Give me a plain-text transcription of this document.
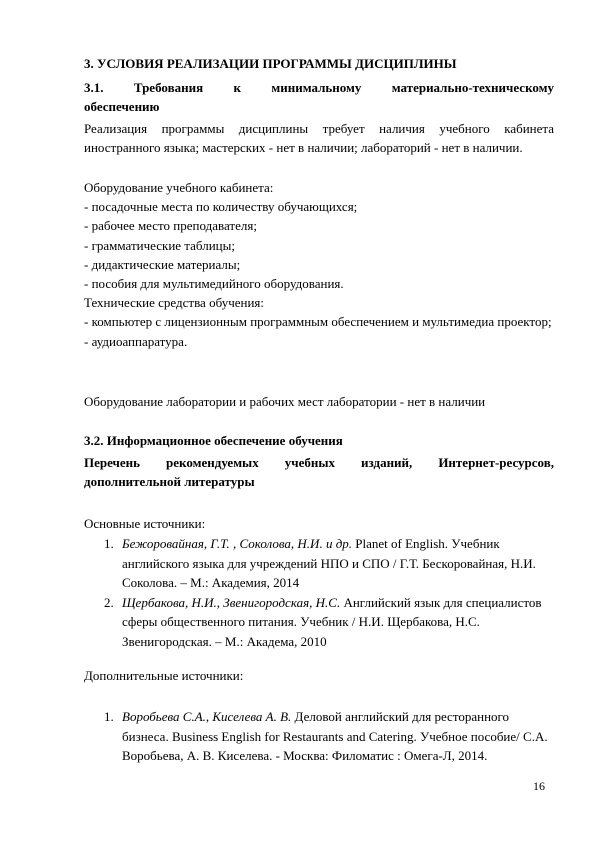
3. УСЛОВИЯ РЕАЛИЗАЦИИ ПРОГРАММЫ ДИСЦИПЛИНЫ
3.1. Требования к минимальному материально-техническому
обеспечению
Реализация программы дисциплины требует наличия учебного кабинета иностранного языка; мастерских - нет в наличии; лабораторий - нет в наличии.
Оборудование учебного кабинета:
- посадочные места по количеству обучающихся;
- рабочее место преподавателя;
- грамматические таблицы;
- дидактические материалы;
- пособия для мультимедийного оборудования.
Технические средства обучения:
- компьютер с лицензионным программным обеспечением и мультимедиа проектор;
- аудиоаппаратура.
Оборудование лаборатории и рабочих мест лаборатории - нет в наличии
3.2. Информационное обеспечение обучения
Перечень рекомендуемых учебных изданий, Интернет-ресурсов, дополнительной литературы
Основные источники:
1. Бежоровайная, Г.Т. , Соколова, Н.И. и др. Planet of English. Учебник английского языка для учреждений НПО и СПО / Г.Т. Бескоровайная, Н.И. Соколова. – М.: Академия, 2014
2. Щербакова, Н.И., Звенигородская, Н.С. Английский язык для специалистов сферы общественного питания. Учебник / Н.И. Щербакова, Н.С. Звенигородская. – М.: Академа, 2010
Дополнительные источники:
1. Воробьева С.А., Киселева А. В. Деловой английский для ресторанного бизнеса. Business English for Restaurants and Catering. Учебное пособие/ С.А. Воробьева, А. В. Киселева. - Москва: Филоматис : Омега-Л, 2014.
16
